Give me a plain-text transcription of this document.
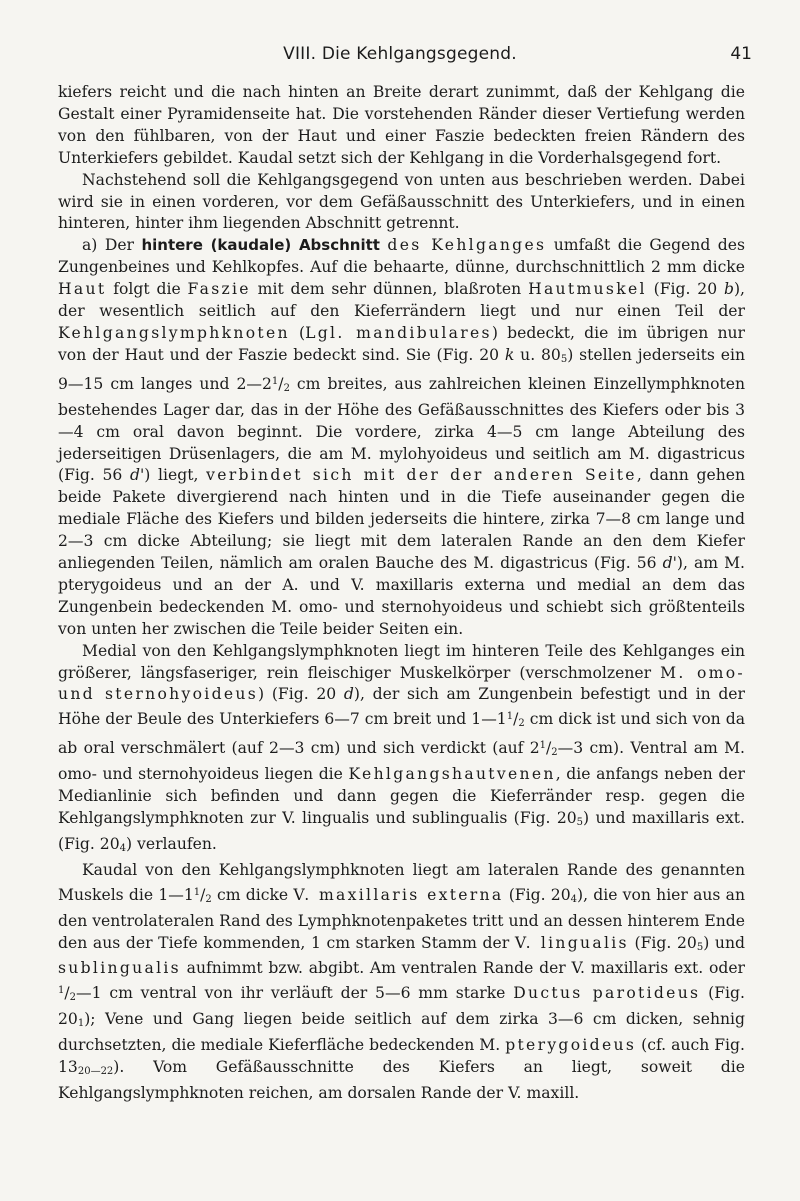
VIII. Die Kehlgangsgegend.	41

kiefers reicht und die nach hinten an Breite derart zunimmt, daß der Kehlgang die Gestalt einer Pyramidenseite hat. Die vorstehenden Ränder dieser Vertiefung werden von den fühlbaren, von der Haut und einer Faszie bedeckten freien Rändern des Unterkiefers gebildet. Kaudal setzt sich der Kehlgang in die Vorderhalsgegend fort.

Nachstehend soll die Kehlgangsgegend von unten aus beschrieben werden. Dabei wird sie in einen vorderen, vor dem Gefäßausschnitt des Unterkiefers, und in einen hinteren, hinter ihm liegenden Abschnitt getrennt.

a) Der hintere (kaudale) Abschnitt des Kehlganges umfaßt die Gegend des Zungenbeines und Kehlkopfes. Auf die behaarte, dünne, durchschnittlich 2 mm dicke Haut folgt die Faszie mit dem sehr dünnen, blaßroten Hautmuskel (Fig. 20 b), der wesentlich seitlich auf den Kieferrändern liegt und nur einen Teil der Kehlgangslymphknoten (Lgl. mandibulares) bedeckt, die im übrigen nur von der Haut und der Faszie bedeckt sind. Sie (Fig. 20 k u. $80_5$) stellen jederseits ein 9—15 cm langes und $2—2^1/_2$ cm breites, aus zahlreichen kleinen Einzellymphknoten bestehendes Lager dar, das in der Höhe des Gefäßausschnittes des Kiefers oder bis 3—4 cm oral davon beginnt. Die vordere, zirka 4—5 cm lange Abteilung des jederseitigen Drüsenlagers, die am M. mylohyoideus und seitlich am M. digastricus (Fig. 56 d') liegt, verbindet sich mit der der anderen Seite, dann gehen beide Pakete divergierend nach hinten und in die Tiefe auseinander gegen die mediale Fläche des Kiefers und bilden jederseits die hintere, zirka 7—8 cm lange und 2—3 cm dicke Abteilung; sie liegt mit dem lateralen Rande an den dem Kiefer anliegenden Teilen, nämlich am oralen Bauche des M. digastricus (Fig. 56 d'), am M. pterygoideus und an der A. und V. maxillaris externa und medial an dem das Zungenbein bedeckenden M. omo- und sternohyoideus und schiebt sich größtenteils von unten her zwischen die Teile beider Seiten ein.

Medial von den Kehlgangslymphknoten liegt im hinteren Teile des Kehlganges ein größerer, längsfaseriger, rein fleischiger Muskelkörper (verschmolzener M. omo- und sternohyoideus) (Fig. 20 d), der sich am Zungenbein befestigt und in der Höhe der Beule des Unterkiefers 6—7 cm breit und $1—1^1/_2$ cm dick ist und sich von da ab oral verschmälert (auf 2—3 cm) und sich verdickt (auf $2^1/_2—3$ cm). Ventral am M. omo- und sternohyoideus liegen die Kehlgangshautvenen, die anfangs neben der Medianlinie sich befinden und dann gegen die Kieferränder resp. gegen die Kehlgangslymphknoten zur V. lingualis und sublingualis (Fig. $20_5$) und maxillaris ext. (Fig. $20_4$) verlaufen.

Kaudal von den Kehlgangslymphknoten liegt am lateralen Rande des genannten Muskels die $1—1^1/_2$ cm dicke V. maxillaris externa (Fig. $20_4$), die von hier aus an den ventrolateralen Rand des Lymphknotenpaketes tritt und an dessen hinterem Ende den aus der Tiefe kommenden, 1 cm starken Stamm der V. lingualis (Fig. $20_5$) und sublingualis aufnimmt bzw. abgibt. Am ventralen Rande der V. maxillaris ext. oder $^1/_2—1$ cm ventral von ihr verläuft der 5—6 mm starke Ductus parotideus (Fig. $20_1$); Vene und Gang liegen beide seitlich auf dem zirka 3—6 cm dicken, sehnig durchsetzten, die mediale Kieferfläche bedeckenden M. pterygoideus (cf. auch Fig. $13_{20—22}$). Vom Gefäßausschnitte des Kiefers an liegt, soweit die Kehlgangslymphknoten reichen, am dorsalen Rande der V. maxill.
